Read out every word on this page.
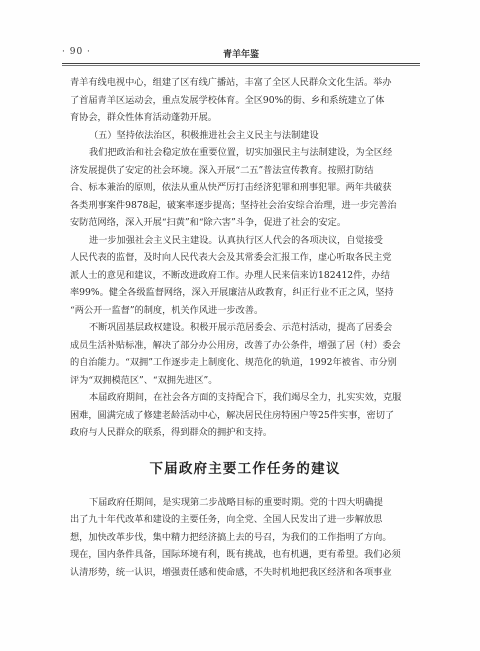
· 90 ·	青羊年鉴
青羊有线电视中心，组建了区有线广播站，丰富了全区人民群众文化生活。举办
了首届青羊区运动会，重点发展学校体育。全区90%的街、乡和系统建立了体
育协会，群众性体育活动蓬勃开展。
（五）坚持依法治区，积极推进社会主义民主与法制建设
我们把政治和社会稳定放在重要位置，切实加强民主与法制建设，为全区经
济发展提供了安定的社会环境。深入开展“二五”普法宣传教育。按照打防结
合、标本兼治的原则，依法从重从快严厉打击经济犯罪和刑事犯罪。两年共破获
各类刑事案件9878起，破案率逐步提高；坚持社会治安综合治理，进一步完善治
安防范网络，深入开展“扫黄”和“除六害”斗争，促进了社会的安定。
进一步加强社会主义民主建设。认真执行区人代会的各项决议，自觉接受
人民代表的监督，及时向人民代表大会及其常委会汇报工作，虚心听取各民主党
派人士的意见和建议，不断改进政府工作。办理人民来信来访182412件，办结
率99%。健全各级监督网络，深入开展廉洁从政教育，纠正行业不正之风，坚持
“两公开一监督”的制度，机关作风进一步改善。
不断巩固基层政权建设。积极开展示范居委会、示范村活动，提高了居委会
成员生活补贴标准，解决了部分办公用房，改善了办公条件，增强了居（村）委会
的自治能力。“双拥”工作逐步走上制度化、规范化的轨道，1992年被省、市分别
评为“双拥模范区”、“双拥先进区”。
本届政府期间，在社会各方面的支持配合下，我们竭尽全力，扎实实效，克服
困难，圆满完成了修建老龄活动中心，解决居民住房特困户等25件实事，密切了
政府与人民群众的联系，得到群众的拥护和支持。
下届政府主要工作任务的建议
下届政府任期间，是实现第二步战略目标的重要时期。党的十四大明确提
出了九十年代改革和建设的主要任务，向全党、全国人民发出了进一步解放思
想，加快改革步伐，集中精力把经济搞上去的号召，为我们的工作指明了方向。
现在，国内条件具备，国际环境有利，既有挑战，也有机遇，更有希望。我们必须
认清形势，统一认识，增强责任感和使命感，不失时机地把我区经济和各项事业
